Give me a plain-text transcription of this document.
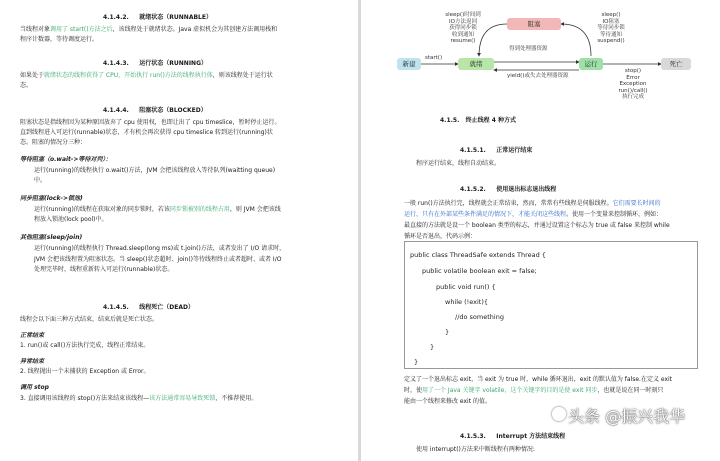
4.1.4.2. 就绪状态（RUNNABLE）
当线程对象调用了 start()方法之后，该线程处于就绪状态。Java 虚拟机会为其创建方法调用栈和
程序计数器，等待调度运行。
4.1.4.3. 运行状态（RUNNING）
如果处于就绪状态的线程获得了 CPU，开始执行 run()方法的线程执行体，则该线程处于运行状
态。
4.1.4.4. 阻塞状态（BLOCKED）
阻塞状态是指线程因为某种原因放弃了 cpu 使用权，也即让出了 cpu timeslice，暂时停止运行。
直到线程进入可运行(runnable)状态，才有机会再次获得 cpu timeslice 转到运行(running)状
态。阻塞的情况分三种：
等待阻塞（o.wait->等待对列）：
运行(running)的线程执行 o.wait()方法，JVM 会把该线程放入等待队列(waitting queue)
中。
同步阻塞(lock->锁池)
运行(running)的线程在获取对象的同步锁时，若该同步锁被别的线程占用，则 JVM 会把该线
程放入锁池(lock pool)中。
其他阻塞(sleep/join)
运行(running)的线程执行 Thread.sleep(long ms)或 t.join()方法，或者发出了 I/O 请求时，
JVM 会把该线程置为阻塞状态。当 sleep()状态超时、join()等待线程终止或者超时、或者 I/O
处理完毕时，线程重新转入可运行(runnable)状态。
4.1.4.5. 线程死亡（DEAD）
线程会以下面三种方式结束，结束后就是死亡状态。
正常结束
1. run()或 call()方法执行完成，线程正常结束。
异常结束
2. 线程抛出一个未捕获的 Exception 或 Error。
调用 stop
3. 直接调用该线程的 stop()方法来结束该线程—该方法通常容易导致死锁，不推荐使用。
阻塞
新建	就绪	运行	死亡
sleep()时间到
IO方法返回
获得同步锁
收到通知
resume()
sleep()
IO阻塞
等待同步锁
等待通知
suspend()
stop()
Error
Exception
run()/call()
执行完成
start()
得到处理器资源
yield()或失去处理器资源
4.1.5. 终止线程 4 种方式
4.1.5.1. 正常运行结束
程序运行结束，线程自动结束。
4.1.5.2. 使用退出标志退出线程
一般 run()方法执行完，线程就会正常结束，然而，常常有些线程是伺服线程。它们需要长时间的
运行，只有在外部某些条件满足的情况下，才能关闭这些线程。使用一个变量来控制循环，例如：
最直接的方法就是设一个 boolean 类型的标志，并通过设置这个标志为 true 或 false 来控制 while
循环是否退出，代码示例：
public class ThreadSafe extends Thread {
public volatile boolean exit = false;
public void run() {
while (!exit){
//do something
}
}
}
定义了一个退出标志 exit，当 exit 为 true 时，while 循环退出，exit 的默认值为 false.在定义 exit
时，使用了一个 Java 关键字 volatile，这个关键字的目的是使 exit 同步，也就是说在同一时刻只
能由一个线程来修改 exit 的值。
4.1.5.3. Interrupt 方法结束线程
使用 interrupt()方法来中断线程有两种情况:
头条 @振兴我华
